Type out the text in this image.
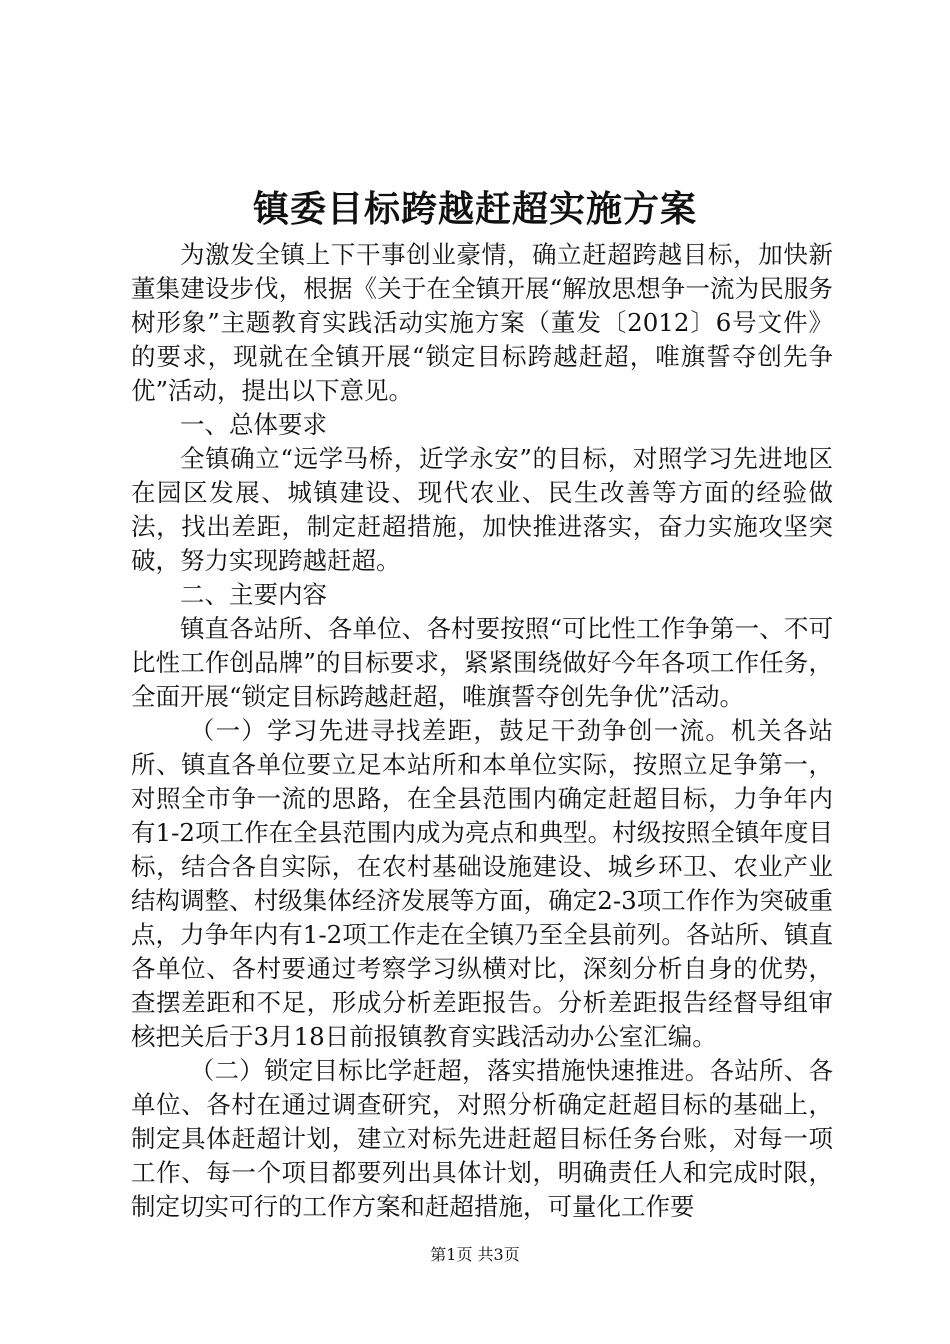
镇委目标跨越赶超实施方案

为激发全镇上下干事创业豪情，确立赶超跨越目标，加快新董集建设步伐，根据《关于在全镇开展“解放思想争一流为民服务树形象”主题教育实践活动实施方案（董发〔2012〕6号文件》的要求，现就在全镇开展“锁定目标跨越赶超，唯旗誓夺创先争优”活动，提出以下意见。

一、总体要求

全镇确立“远学马桥，近学永安”的目标，对照学习先进地区在园区发展、城镇建设、现代农业、民生改善等方面的经验做法，找出差距，制定赶超措施，加快推进落实，奋力实施攻坚突破，努力实现跨越赶超。

二、主要内容

镇直各站所、各单位、各村要按照“可比性工作争第一、不可比性工作创品牌”的目标要求，紧紧围绕做好今年各项工作任务，全面开展“锁定目标跨越赶超，唯旗誓夺创先争优”活动。

（一）学习先进寻找差距，鼓足干劲争创一流。机关各站所、镇直各单位要立足本站所和本单位实际，按照立足争第一，对照全市争一流的思路，在全县范围内确定赶超目标，力争年内有1-2项工作在全县范围内成为亮点和典型。村级按照全镇年度目标，结合各自实际，在农村基础设施建设、城乡环卫、农业产业结构调整、村级集体经济发展等方面，确定2-3项工作作为突破重点，力争年内有1-2项工作走在全镇乃至全县前列。各站所、镇直各单位、各村要通过考察学习纵横对比，深刻分析自身的优势，查摆差距和不足，形成分析差距报告。分析差距报告经督导组审核把关后于3月18日前报镇教育实践活动办公室汇编。

（二）锁定目标比学赶超，落实措施快速推进。各站所、各单位、各村在通过调查研究，对照分析确定赶超目标的基础上，制定具体赶超计划，建立对标先进赶超目标任务台账，对每一项工作、每一个项目都要列出具体计划，明确责任人和完成时限，制定切实可行的工作方案和赶超措施，可量化工作要

第1页 共3页
